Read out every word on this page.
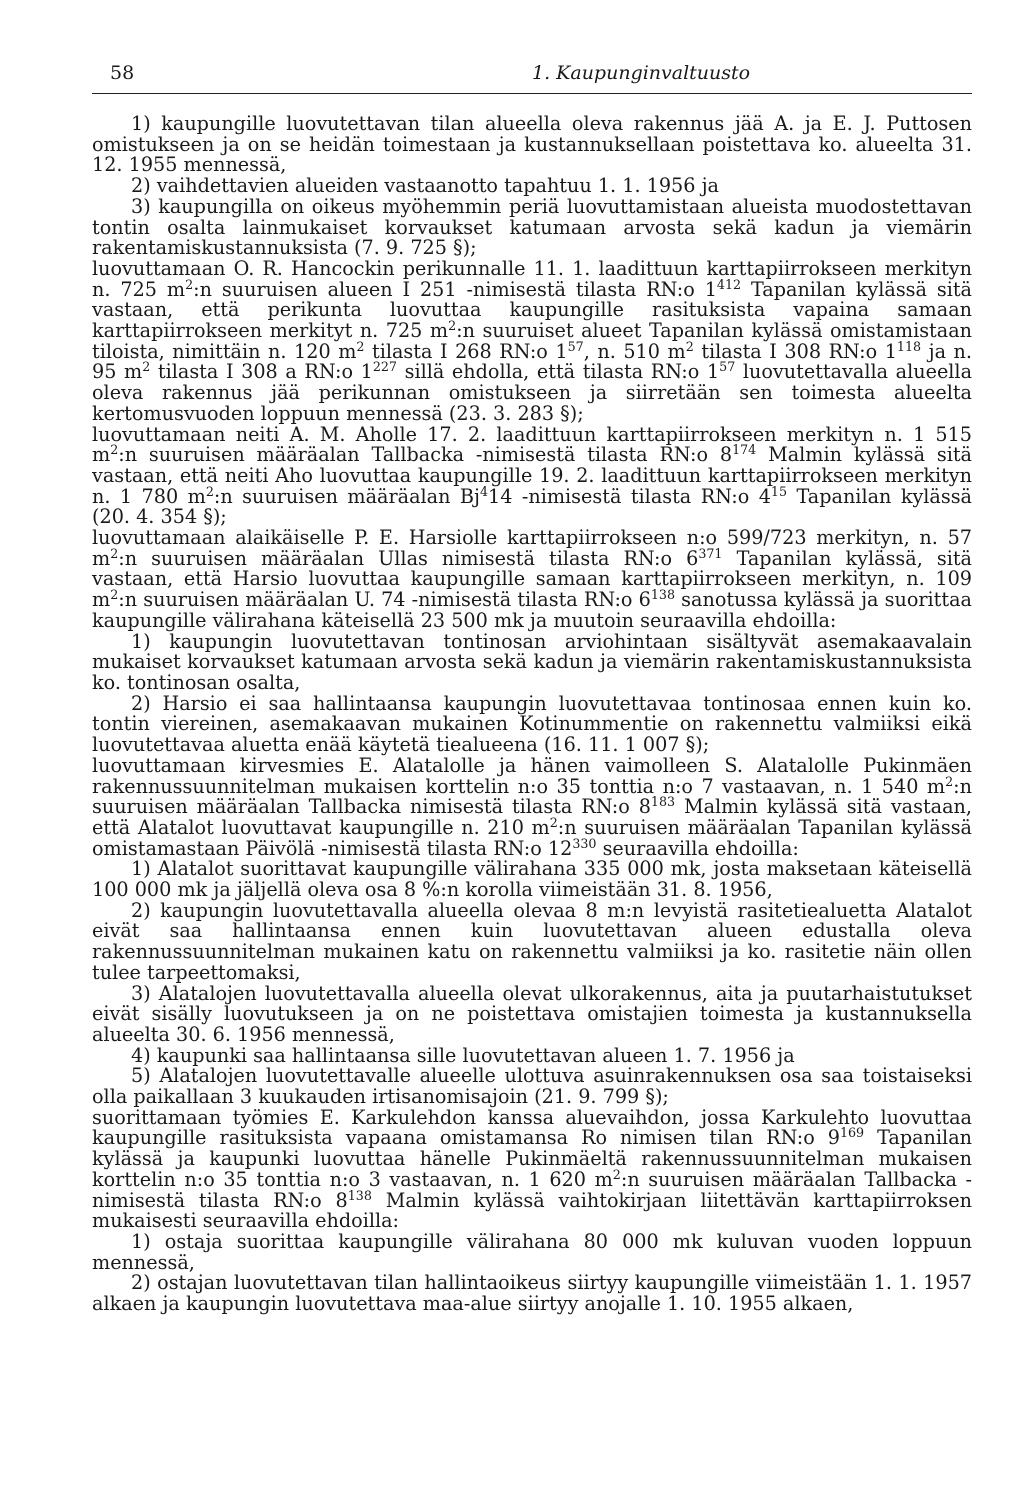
58	1. Kaupunginvaltuusto

1) kaupungille luovutettavan tilan alueella oleva rakennus jää A. ja E. J. Puttosen omistukseen ja on se heidän toimestaan ja kustannuksellaan poistettava ko. alueelta 31. 12. 1955 mennessä,

2) vaihdettavien alueiden vastaanotto tapahtuu 1. 1. 1956 ja

3) kaupungilla on oikeus myöhemmin periä luovuttamistaan alueista muodostettavan tontin osalta lainmukaiset korvaukset katumaan arvosta sekä kadun ja viemärin rakentamiskustannuksista (7. 9. 725 §);

luovuttamaan O. R. Hancockin perikunnalle 11. 1. laadittuun karttapiirrokseen merkityn n. 725 $m^2:n$ suuruisen alueen I 251 -nimisestä tilasta RN:o $1^{412}$ Tapanilan kylässä sitä vastaan, että perikunta luovuttaa kaupungille rasituksista vapaina samaan karttapiirrokseen merkityt n. 725 $m^2:n$ suuruiset alueet Tapanilan kylässä omistamistaan tiloista, nimittäin n. 120 $m^2$ tilasta I 268 RN:o $1^{57}$, n. 510 $m^2$ tilasta I 308 RN:o $1^{118}$ ja n. 95 $m^2$ tilasta I 308 a RN:o $1^{227}$ sillä ehdolla, että tilasta RN:o $1^{57}$ luovutettavalla alueella oleva rakennus jää perikunnan omistukseen ja siirretään sen toimesta alueelta kertomusvuoden loppuun mennessä (23. 3. 283 §);

luovuttamaan neiti A. M. Aholle 17. 2. laadittuun karttapiirrokseen merkityn n. 1 515 $m^2:n$ suuruisen määräalan Tallbacka -nimisestä tilasta RN:o $8^{174}$ Malmin kylässä sitä vastaan, että neiti Aho luovuttaa kaupungille 19. 2. laadittuun karttapiirrokseen merkityn n. 1 780 $m^2:n$ suuruisen määräalan Bj$^4$14 -nimisestä tilasta RN:o $4^{15}$ Tapanilan kylässä (20. 4. 354 §);

luovuttamaan alaikäiselle P. E. Harsiolle karttapiirrokseen n:o 599/723 merkityn, n. 57 $m^2:n$ suuruisen määräalan Ullas nimisestä tilasta RN:o $6^{371}$ Tapanilan kylässä, sitä vastaan, että Harsio luovuttaa kaupungille samaan karttapiirrokseen merkityn, n. 109 $m^2:n$ suuruisen määräalan U. 74 -nimisestä tilasta RN:o $6^{138}$ sanotussa kylässä ja suorittaa kaupungille välirahana käteisellä 23 500 mk ja muutoin seuraavilla ehdoilla:

1) kaupungin luovutettavan tontinosan arviohintaan sisältyvät asemakaavalain mukaiset korvaukset katumaan arvosta sekä kadun ja viemärin rakentamiskustannuksista ko. tontinosan osalta,

2) Harsio ei saa hallintaansa kaupungin luovutettavaa tontinosaa ennen kuin ko. tontin viereinen, asemakaavan mukainen Kotinummentie on rakennettu valmiiksi eikä luovutettavaa aluetta enää käytetä tiealueena (16. 11. 1 007 §);

luovuttamaan kirvesmies E. Alatalolle ja hänen vaimolleen S. Alatalolle Pukinmäen rakennussuunnitelman mukaisen korttelin n:o 35 tonttia n:o 7 vastaavan, n. 1 540 $m^2:n$ suuruisen määräalan Tallbacka nimisestä tilasta RN:o $8^{183}$ Malmin kylässä sitä vastaan, että Alatalot luovuttavat kaupungille n. 210 $m^2:n$ suuruisen määräalan Tapanilan kylässä omistamastaan Päivölä -nimisestä tilasta RN:o $12^{330}$ seuraavilla ehdoilla:

1) Alatalot suorittavat kaupungille välirahana 335 000 mk, josta maksetaan käteisellä 100 000 mk ja jäljellä oleva osa 8 %:n korolla viimeistään 31. 8. 1956,

2) kaupungin luovutettavalla alueella olevaa 8 m:n levyistä rasitetiealuetta Alatalot eivät saa hallintaansa ennen kuin luovutettavan alueen edustalla oleva rakennussuunnitelman mukainen katu on rakennettu valmiiksi ja ko. rasitetie näin ollen tulee tarpeettomaksi,

3) Alatalojen luovutettavalla alueella olevat ulkorakennus, aita ja puutarhaistutukset eivät sisälly luovutukseen ja on ne poistettava omistajien toimesta ja kustannuksella alueelta 30. 6. 1956 mennessä,

4) kaupunki saa hallintaansa sille luovutettavan alueen 1. 7. 1956 ja

5) Alatalojen luovutettavalle alueelle ulottuva asuinrakennuksen osa saa toistaiseksi olla paikallaan 3 kuukauden irtisanomisajoin (21. 9. 799 §);

suorittamaan työmies E. Karkulehdon kanssa aluevaihdon, jossa Karkulehto luovuttaa kaupungille rasituksista vapaana omistamansa Ro nimisen tilan RN:o $9^{169}$ Tapanilan kylässä ja kaupunki luovuttaa hänelle Pukinmäeltä rakennussuunnitelman mukaisen korttelin n:o 35 tonttia n:o 3 vastaavan, n. 1 620 $m^2:n$ suuruisen määräalan Tallbacka -nimisestä tilasta RN:o $8^{138}$ Malmin kylässä vaihtokirjaan liitettävän karttapiirroksen mukaisesti seuraavilla ehdoilla:

1) ostaja suorittaa kaupungille välirahana 80 000 mk kuluvan vuoden loppuun mennessä,

2) ostajan luovutettavan tilan hallintaoikeus siirtyy kaupungille viimeistään 1. 1. 1957 alkaen ja kaupungin luovutettava maa-alue siirtyy anojalle 1. 10. 1955 alkaen,
